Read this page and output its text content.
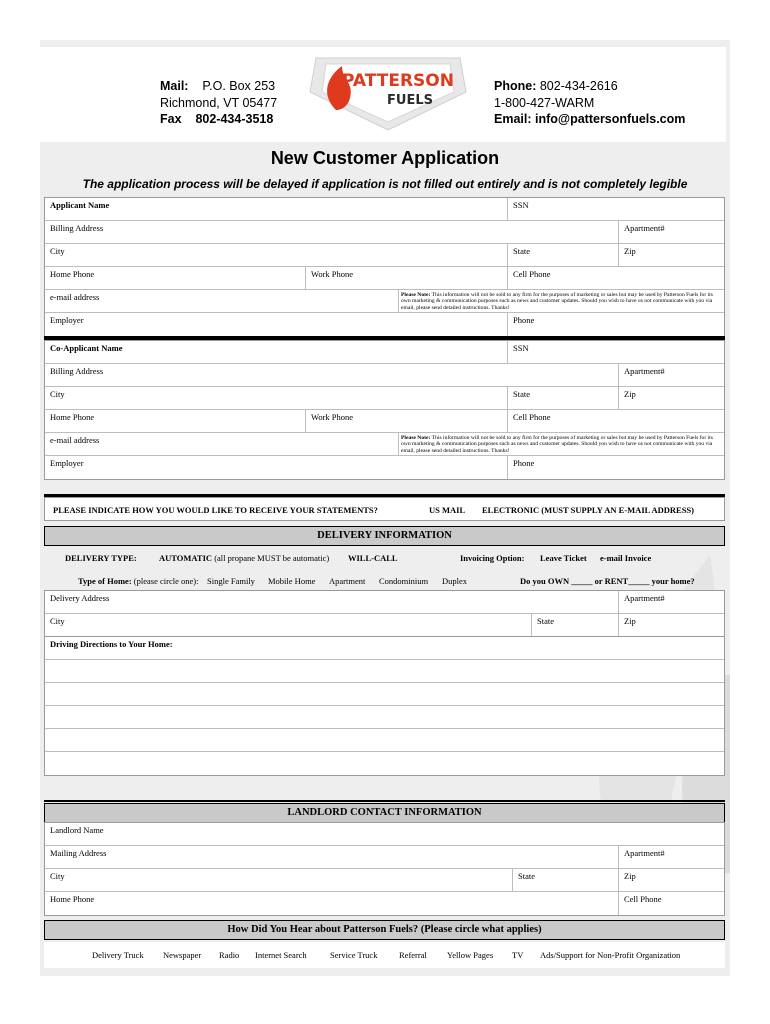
Mail: P.O. Box 253
Richmond, VT 05477
Fax 802-434-3518
PATTERSON
FUELS
Phone: 802-434-2616
1-800-427-WARM
Email: info@pattersonfuels.com
New Customer Application
The application process will be delayed if application is not filled out entirely and is not completely legible
Applicant Name	SSN
Billing Address	Apartment#
City	State	Zip
Home Phone	Work Phone	Cell Phone
e-mail address	Please Note: This information will not be sold to any firm for the purposes of marketing or sales but may be used by Patterson Fuels for its own marketing & communication purposes such as news and customer updates. Should you wish to have us not communicate with you via email, please send detailed instructions. Thanks!
Employer	Phone
Co-Applicant Name	SSN
Billing Address	Apartment#
City	State	Zip
Home Phone	Work Phone	Cell Phone
e-mail address	Please Note: This information will not be sold to any firm for the purposes of marketing or sales but may be used by Patterson Fuels for its own marketing & communication purposes such as news and customer updates. Should you wish to have us not communicate with you via email, please send detailed instructions. Thanks!
Employer	Phone
PLEASE INDICATE HOW YOU WOULD LIKE TO RECEIVE YOUR STATEMENTS?	US MAIL ELECTRONIC (MUST SUPPLY AN E-MAIL ADDRESS)
DELIVERY INFORMATION
DELIVERY TYPE:	AUTOMATIC (all propane MUST be automatic) WILL-CALL	Invoicing Option: Leave Ticket e-mail Invoice
Type of Home: (please circle one): Single Family Mobile Home Apartment Condominium Duplex	Do you OWN _____ or RENT_____ your home?
Delivery Address	Apartment#
City	State	Zip
Driving Directions to Your Home:
LANDLORD CONTACT INFORMATION
Landlord Name
Mailing Address	Apartment#
City	State	Zip
Home Phone	Cell Phone
How Did You Hear about Patterson Fuels? (Please circle what applies)
Delivery Truck Newspaper Radio Internet Search	Service Truck	Referral Yellow Pages TV Ads/Support for Non-Profit Organization
